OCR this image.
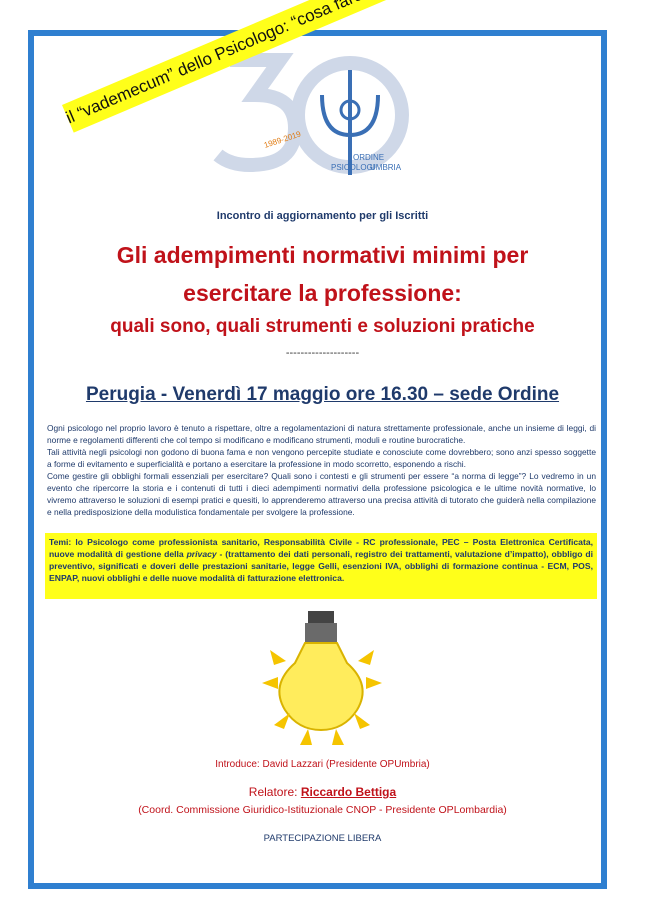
1989-2019
ORDINE
PSICOLOGI
UMBRIA
Incontro di aggiornamento per gli Iscritti
Gli adempimenti normativi minimi per
esercitare la professione:
quali sono, quali strumenti e soluzioni pratiche
--------------------
Perugia - Venerdì 17 maggio ore 16.30 – sede Ordine

Ogni psicologo nel proprio lavoro è tenuto a rispettare, oltre a regolamentazioni di natura strettamente professionale, anche un insieme di leggi, di norme e regolamenti differenti che col tempo si modificano e modificano strumenti, moduli e routine burocratiche.

Tali attività negli psicologi non godono di buona fama e non vengono percepite studiate e conosciute come dovrebbero; sono anzi spesso soggette a forme di evitamento e superficialità e portano a esercitare la professione in modo scorretto, esponendo a rischi.

Come gestire gli obblighi formali essenziali per esercitare? Quali sono i contesti e gli strumenti per essere “a norma di legge”? Lo vedremo in un evento che ripercorre la storia e i contenuti di tutti i dieci adempimenti normativi della professione psicologica e le ultime novità normative, lo vivremo attraverso le soluzioni di esempi pratici e quesiti, lo apprenderemo attraverso una precisa attività di tutorato che guiderà nella compilazione e nella predisposizione della modulistica fondamentale per svolgere la professione.

Temi: lo Psicologo come professionista sanitario, Responsabilità Civile - RC professionale, PEC – Posta Elettronica Certificata, nuove modalità di gestione della privacy - (trattamento dei dati personali, registro dei trattamenti, valutazione d’impatto), obbligo di preventivo, significati e doveri delle prestazioni sanitarie, legge Gelli, esenzioni IVA, obblighi di formazione continua - ECM, POS, ENPAP, nuovi obblighi e delle nuove modalità di fatturazione elettronica.
Introduce: David Lazzari (Presidente OPUmbria)
Relatore: Riccardo Bettiga
(Coord. Commissione Giuridico-Istituzionale CNOP - Presidente OPLombardia)
PARTECIPAZIONE LIBERA
